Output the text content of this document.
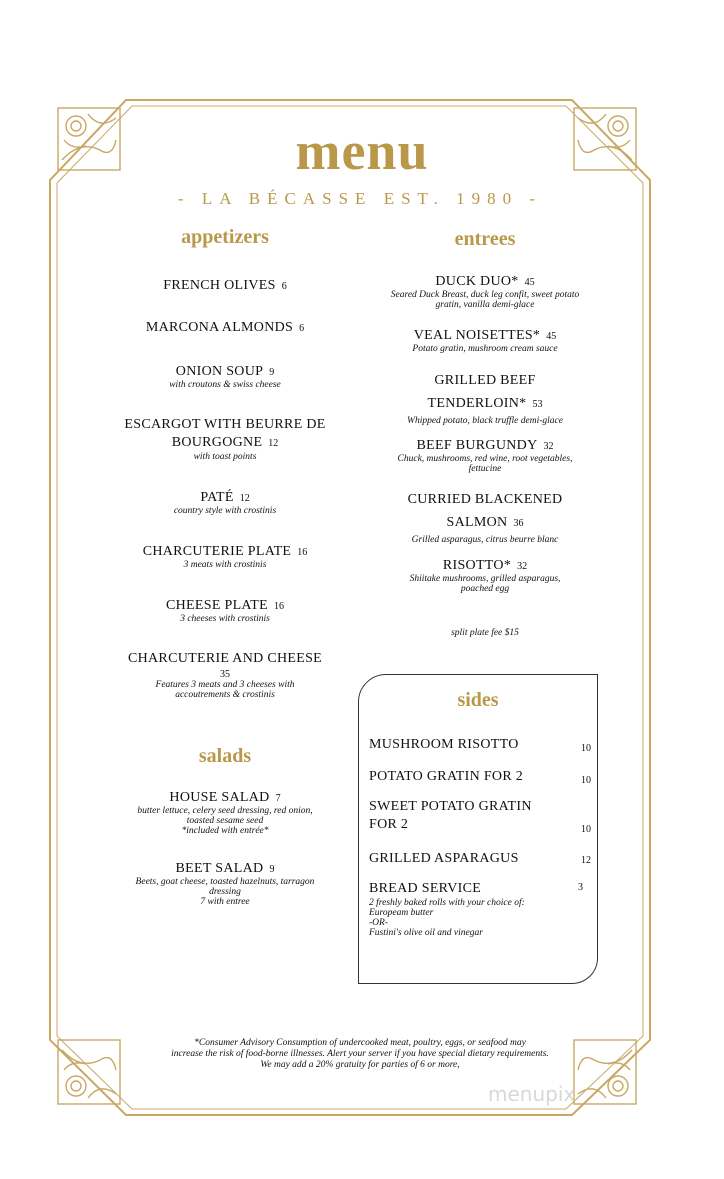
menu
- LA BÉCASSE EST. 1980 -
appetizers
FRENCH OLIVES 6
MARCONA ALMONDS 6
ONION SOUP 9
with croutons & swiss cheese
ESCARGOT WITH BEURRE DE
BOURGOGNE 12
with toast points
PATÉ 12
country style with crostinis
CHARCUTERIE PLATE 16
3 meats with crostinis
CHEESE PLATE 16
3 cheeses with crostinis
CHARCUTERIE AND CHEESE
35
Features 3 meats and 3 cheeses with
accoutrements & crostinis
salads
HOUSE SALAD 7
butter lettuce, celery seed dressing, red onion,
toasted sesame seed
*included with entrée*
BEET SALAD 9
Beets, goat cheese, toasted hazelnuts, tarragon
dressing
7 with entree
entrees
DUCK DUO* 45
Seared Duck Breast, duck leg confit, sweet potato
gratin, vanilla demi-glace
VEAL NOISETTES* 45
Potato gratin, mushroom cream sauce
GRILLED BEEF
TENDERLOIN* 53
Whipped potato, black truffle demi-glace
BEEF BURGUNDY 32
Chuck, mushrooms, red wine, root vegetables,
fettucine
CURRIED BLACKENED
SALMON 36
Grilled asparagus, citrus beurre blanc
RISOTTO* 32
Shiitake mushrooms, grilled asparagus,
poached egg
split plate fee $15
sides
MUSHROOM RISOTTO	10
POTATO GRATIN FOR 2	10
SWEET POTATO GRATIN
FOR 2	10
GRILLED ASPARAGUS	12
BREAD SERVICE	3
2 freshly baked rolls with your choice of:
Europeam butter
-OR-
Fustini's olive oil and vinegar
*Consumer Advisory Consumption of undercooked meat, poultry, eggs, or seafood may
increase the risk of food-borne illnesses. Alert your server if you have special dietary requirements.
We may add a 20% gratuity for parties of 6 or more,
menupix
